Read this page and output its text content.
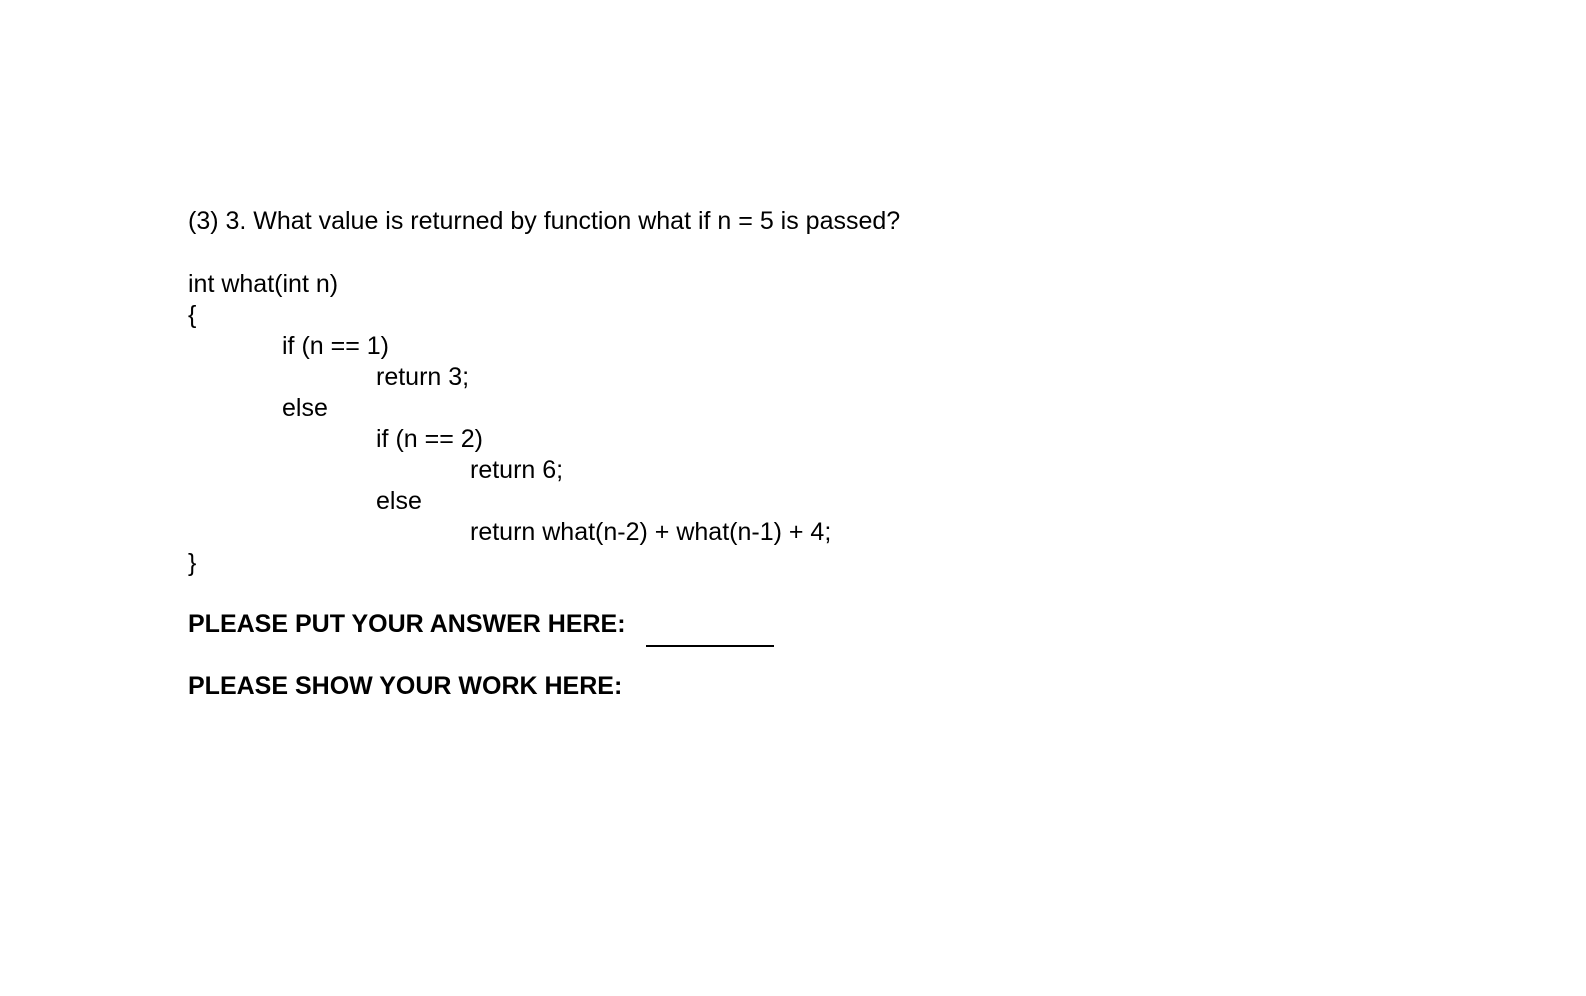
(3) 3. What value is returned by function what if n = 5 is passed?
int what(int n)
{
if (n == 1)
return 3;
else
if (n == 2)
return 6;
else
return what(n-2) + what(n-1) + 4;
}
PLEASE PUT YOUR ANSWER HERE:
PLEASE SHOW YOUR WORK HERE:
